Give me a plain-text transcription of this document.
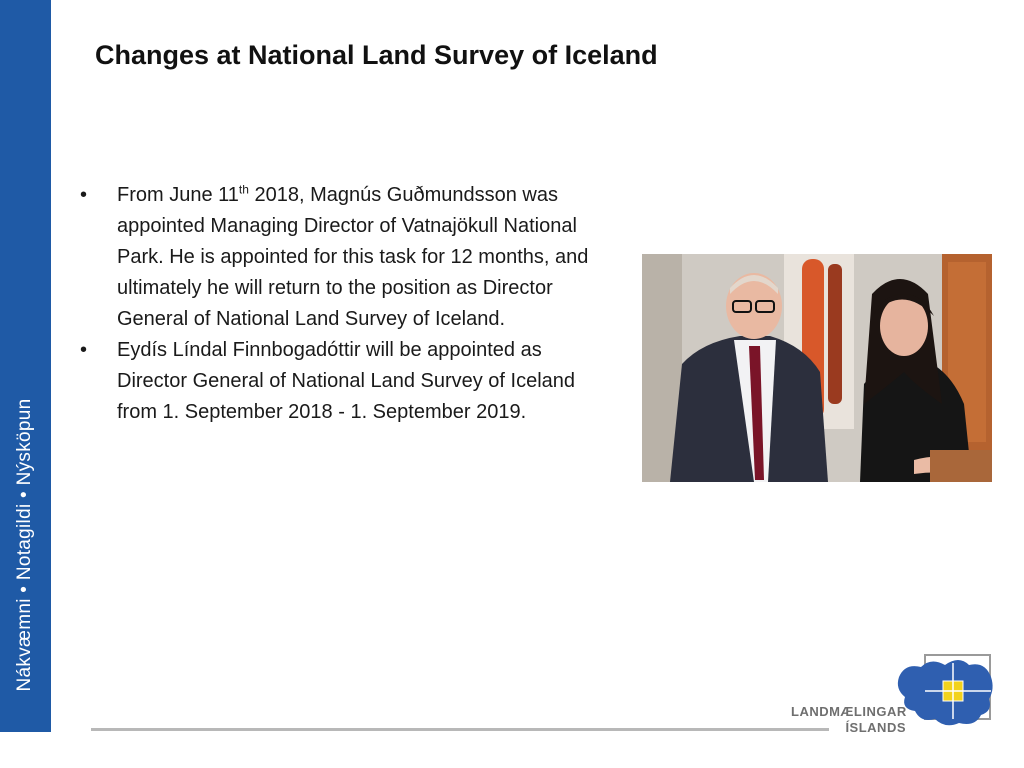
Nákvæmni • Notagildi • Nýsköpun
Changes at National Land Survey of Iceland
• From June 11th 2018, Magnús Guðmundsson was appointed Managing Director of Vatnajökull National Park. He is appointed for this task for 12 months, and ultimately he will return to the position as Director General of National Land Survey of Iceland.
• Eydís Líndal Finnbogadóttir will be appointed as Director General of National Land Survey of Iceland from 1. September 2018 - 1. September 2019.
LANDMÆLINGAR
ÍSLANDS
